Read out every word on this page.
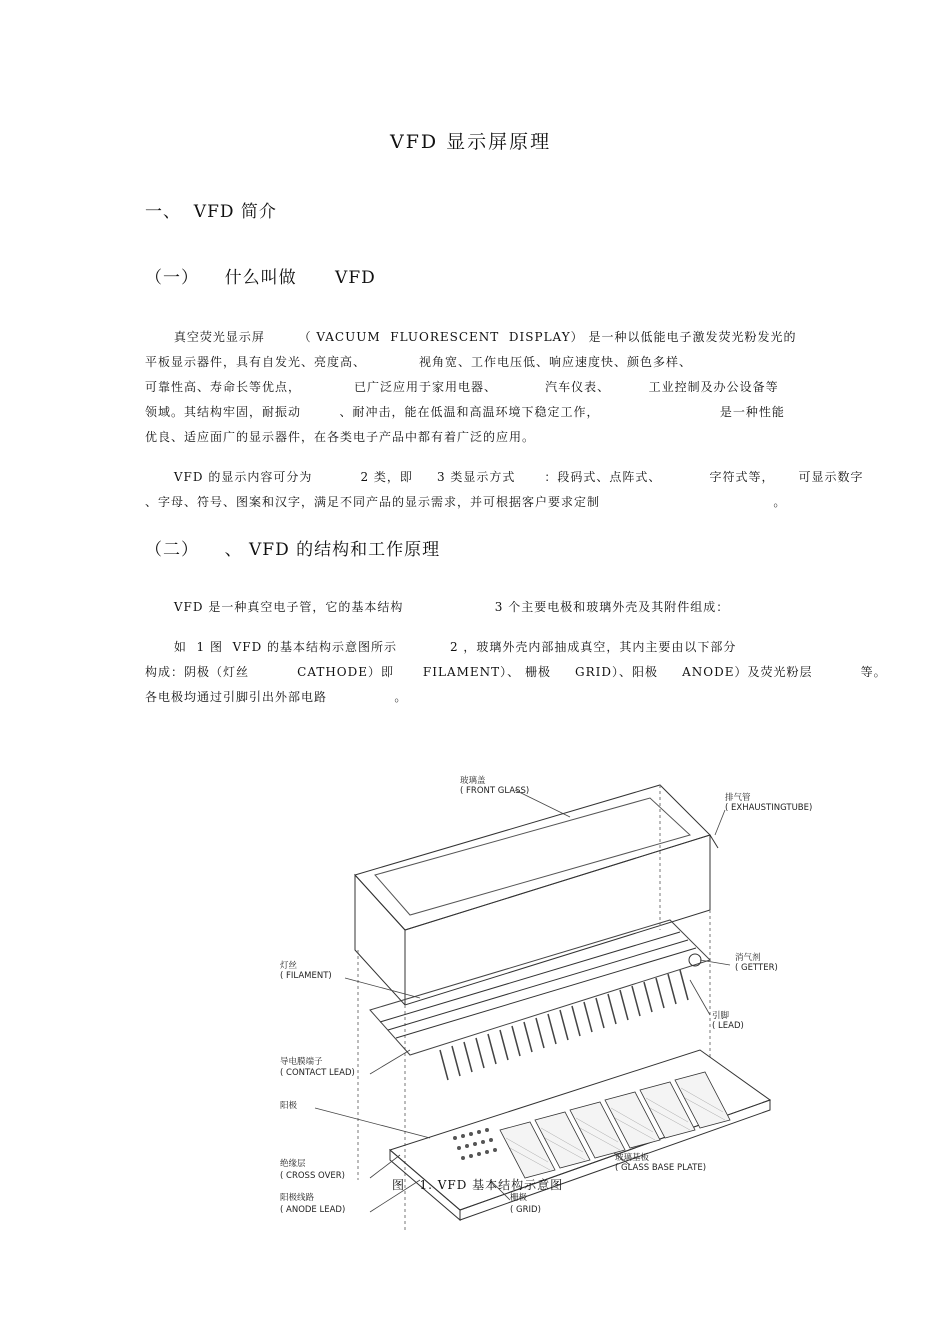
VFD 显示屏原理
一、  VFD 简介
（一）    什么叫做      VFD
真空荧光显示屏       （ VACUUM  FLUORESCENT  DISPLAY） 是一种以低能电子激发荧光粉发光的
平板显示器件，具有自发光、亮度高、           视角宽、工作电压低、响应速度快、颜色多样、
可靠性高、寿命长等优点，           已广泛应用于家用电器、          汽车仪表、        工业控制及办公设备等
领域。其结构牢固，耐振动        、耐冲击，能在低温和高温环境下稳定工作，                         是一种性能
优良、适应面广的显示器件，在各类电子产品中都有着广泛的应用。
VFD 的显示内容可分为          2 类，即     3 类显示方式      ：段码式、点阵式、          字符式等，     可显示数字
、字母、符号、图案和汉字，满足不同产品的显示需求，并可根据客户要求定制                                    。
（二）    、 VFD 的结构和工作原理
VFD 是一种真空电子管，它的基本结构                   3 个主要电极和玻璃外壳及其附件组成：
如  1 图  VFD 的基本结构示意图所示           2 ，玻璃外壳内部抽成真空，其内主要由以下部分
构成：阴极（灯丝          CATHODE）即      FILAMENT）、 栅极     GRID）、阳极     ANODE）及荧光粉层          等。
各电极均通过引脚引出外部电路              。
玻璃盖
( FRONT GLASS)
排气管
( EXHAUSTINGTUBE)
灯丝
( FILAMENT)
消气剂
( GETTER)
引脚
( LEAD)
导电膜端子
( CONTACT LEAD)
阳极
绝缘层
( CROSS OVER)
玻璃基板
( GLASS BASE PLATE)
阳极线路
( ANODE LEAD)
栅极
( GRID)
图   1. VFD 基本结构示意图
